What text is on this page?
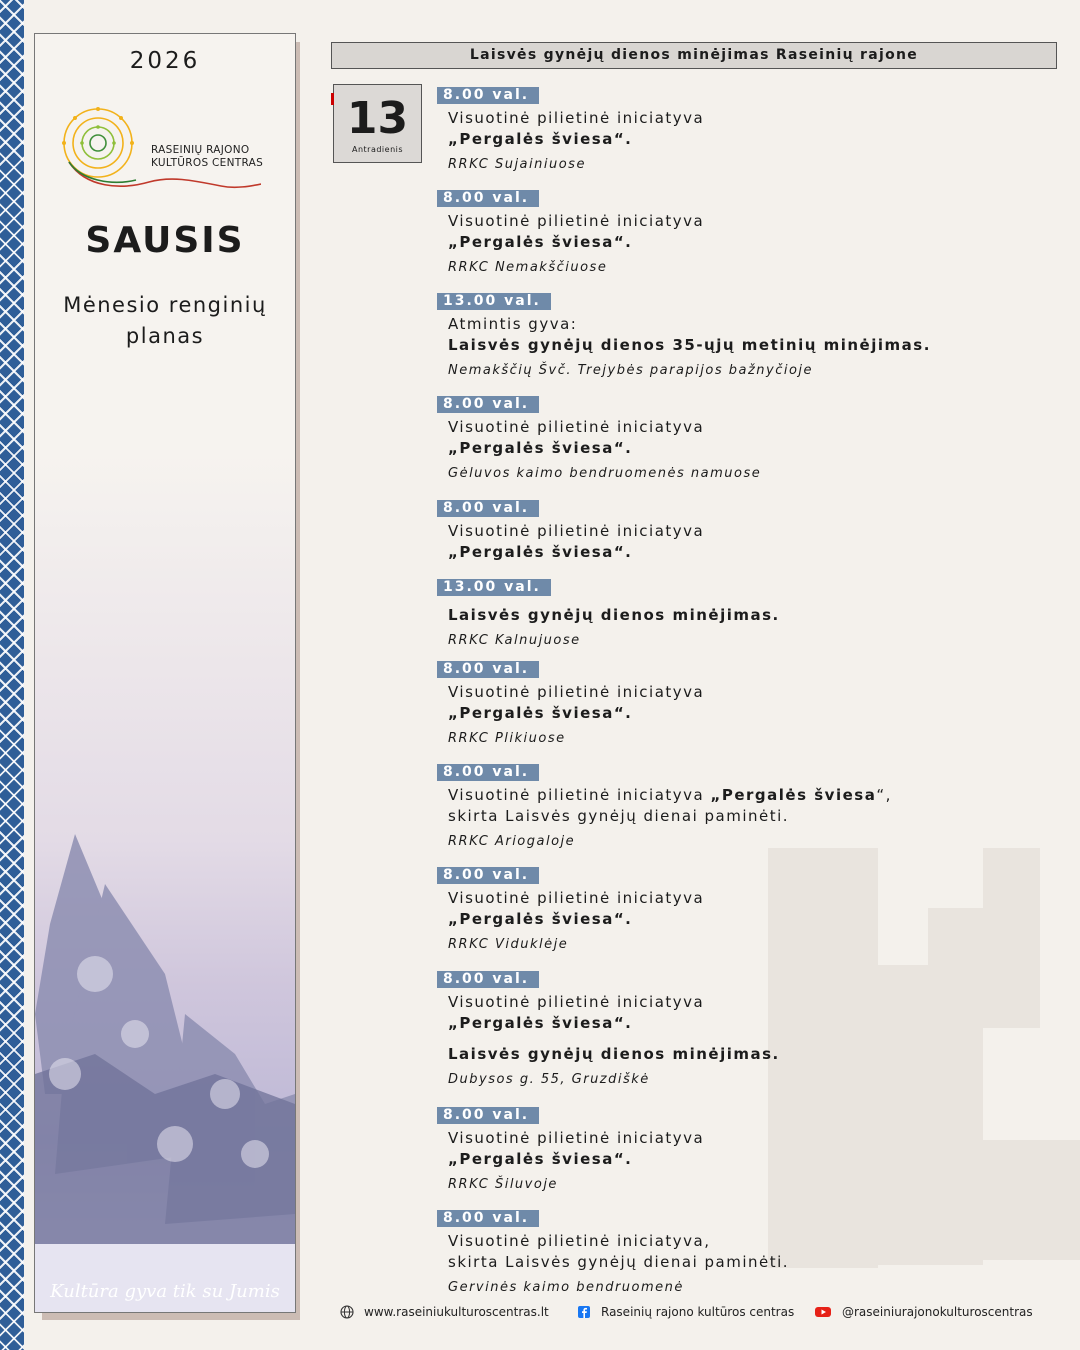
2026
RASEINIŲ RAJONO
KULTŪROS CENTRAS
SAUSIS
Mėnesio renginių
planas
Kultūra gyva tik su Jumis
Laisvės gynėjų dienos minėjimas Raseinių rajone
13
Antradienis
8.00 val.
Visuotinė pilietinė iniciatyva
„Pergalės šviesa“.
RRKC Sujainiuose
8.00 val.
Visuotinė pilietinė iniciatyva
„Pergalės šviesa“.
RRKC Nemakščiuose
13.00 val.
Atmintis gyva:
Laisvės gynėjų dienos 35-ųjų metinių minėjimas.
Nemakščių Švč. Trejybės parapijos bažnyčioje
8.00 val.
Visuotinė pilietinė iniciatyva
„Pergalės šviesa“.
Gėluvos kaimo bendruomenės namuose
8.00 val.
Visuotinė pilietinė iniciatyva
„Pergalės šviesa“.
13.00 val.
Laisvės gynėjų dienos minėjimas.
RRKC Kalnujuose
8.00 val.
Visuotinė pilietinė iniciatyva
„Pergalės šviesa“.
RRKC Plikiuose
8.00 val.
Visuotinė pilietinė iniciatyva „Pergalės šviesa“,
skirta Laisvės gynėjų dienai paminėti.
RRKC Ariogaloje
8.00 val.
Visuotinė pilietinė iniciatyva
„Pergalės šviesa“.
RRKC Viduklėje
8.00 val.
Visuotinė pilietinė iniciatyva
„Pergalės šviesa“.
Laisvės gynėjų dienos minėjimas.
Dubysos g. 55, Gruzdiškė
8.00 val.
Visuotinė pilietinė iniciatyva
„Pergalės šviesa“.
RRKC Šiluvoje
8.00 val.
Visuotinė pilietinė iniciatyva,
skirta Laisvės gynėjų dienai paminėti.
Gervinės kaimo bendruomenė
www.raseiniukulturoscentras.lt	Raseinių rajono kultūros centras	@raseiniurajonokulturoscentras
